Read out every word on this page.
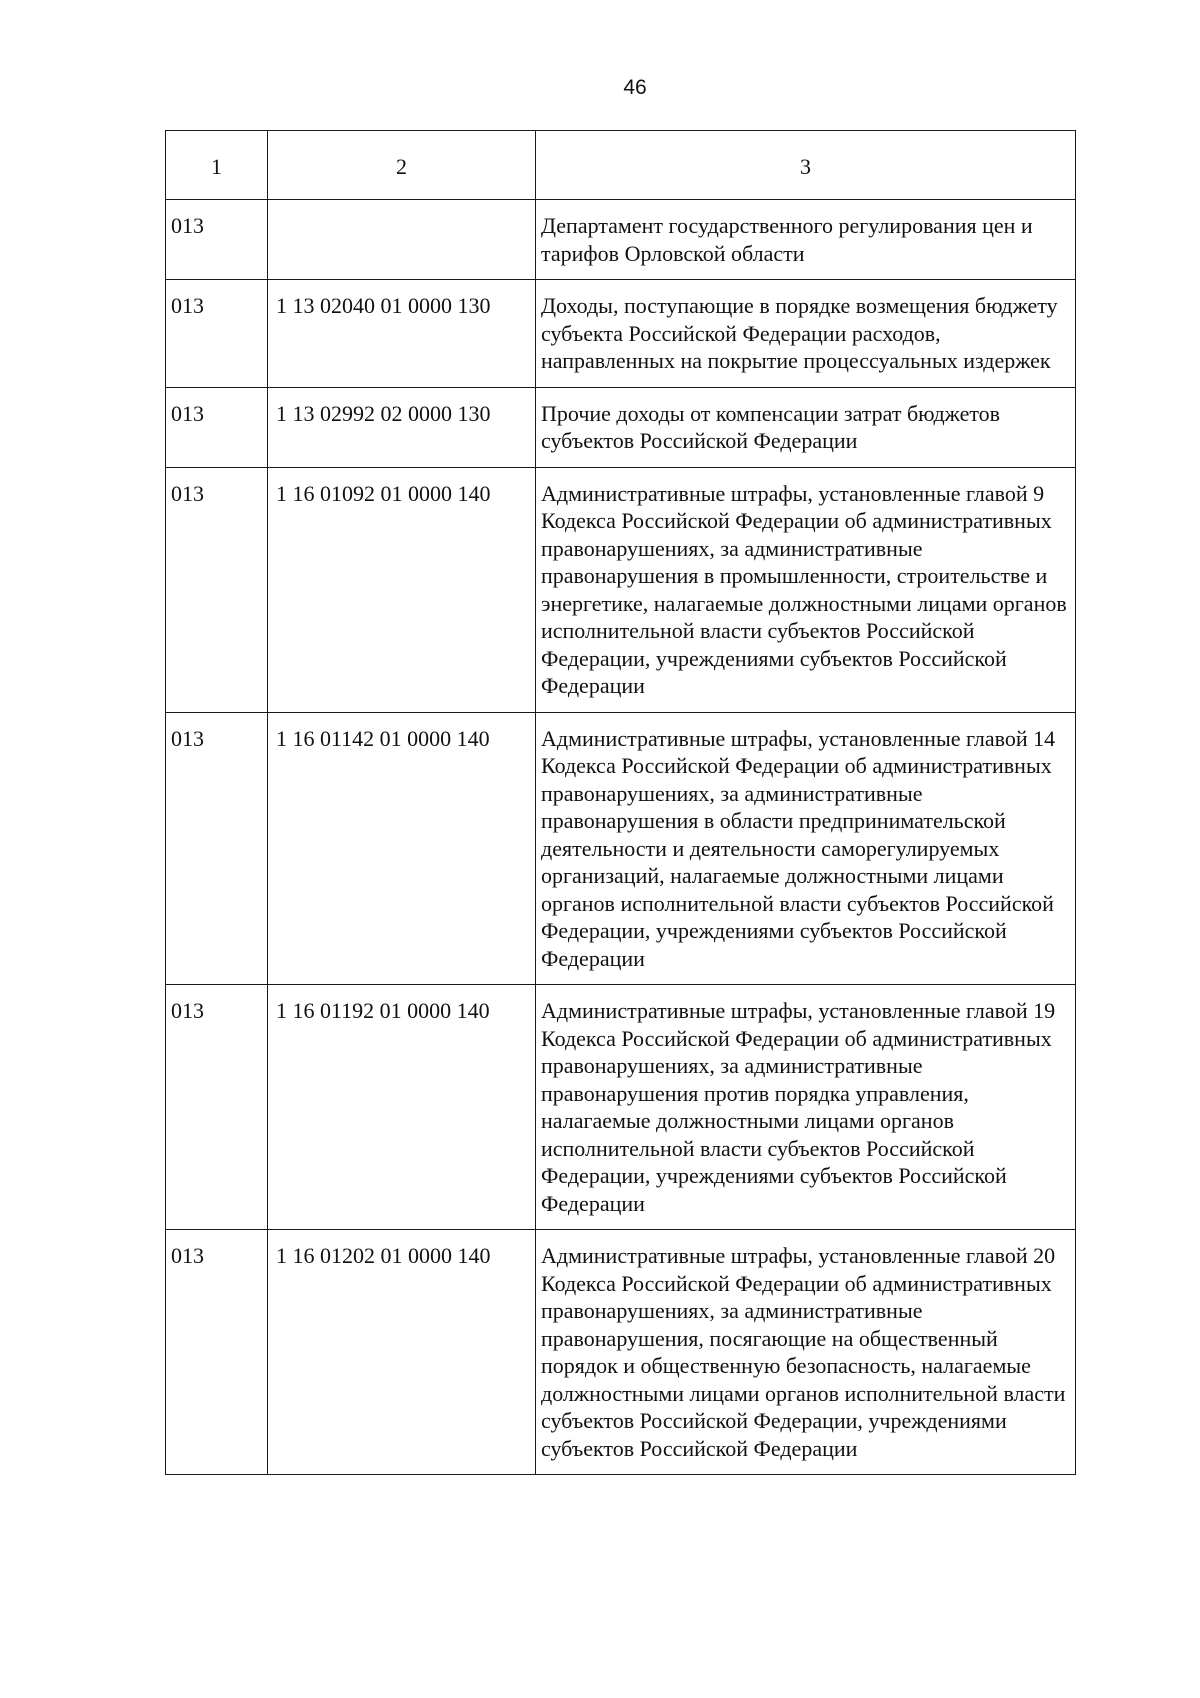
46
1	2	3
013		Департамент государственного регулирования цен и тарифов Орловской области
013	1 13 02040 01 0000 130	Доходы, поступающие в порядке возмещения бюджету субъекта Российской Федерации расходов, направленных на покрытие процессуальных издержек
013	1 13 02992 02 0000 130	Прочие доходы от компенсации затрат бюджетов субъектов Российской Федерации
013	1 16 01092 01 0000 140	Административные штрафы, установленные главой 9 Кодекса Российской Федерации об административных правонарушениях, за административные правонарушения в промышленности, строительстве и энергетике, налагаемые должностными лицами органов исполнительной власти субъектов Российской Федерации, учреждениями субъектов Российской Федерации
013	1 16 01142 01 0000 140	Административные штрафы, установленные главой 14 Кодекса Российской Федерации об административных правонарушениях, за административные правонарушения в области предпринимательской деятельности и деятельности саморегулируемых организаций, налагаемые должностными лицами органов исполнительной власти субъектов Российской Федерации, учреждениями субъектов Российской Федерации
013	1 16 01192 01 0000 140	Административные штрафы, установленные главой 19 Кодекса Российской Федерации об административных правонарушениях, за административные правонарушения против порядка управления, налагаемые должностными лицами органов исполнительной власти субъектов Российской Федерации, учреждениями субъектов Российской Федерации
013	1 16 01202 01 0000 140	Административные штрафы, установленные главой 20 Кодекса Российской Федерации об административных правонарушениях, за административные правонарушения, посягающие на общественный порядок и общественную безопасность, налагаемые должностными лицами органов исполнительной власти субъектов Российской Федерации, учреждениями субъектов Российской Федерации
